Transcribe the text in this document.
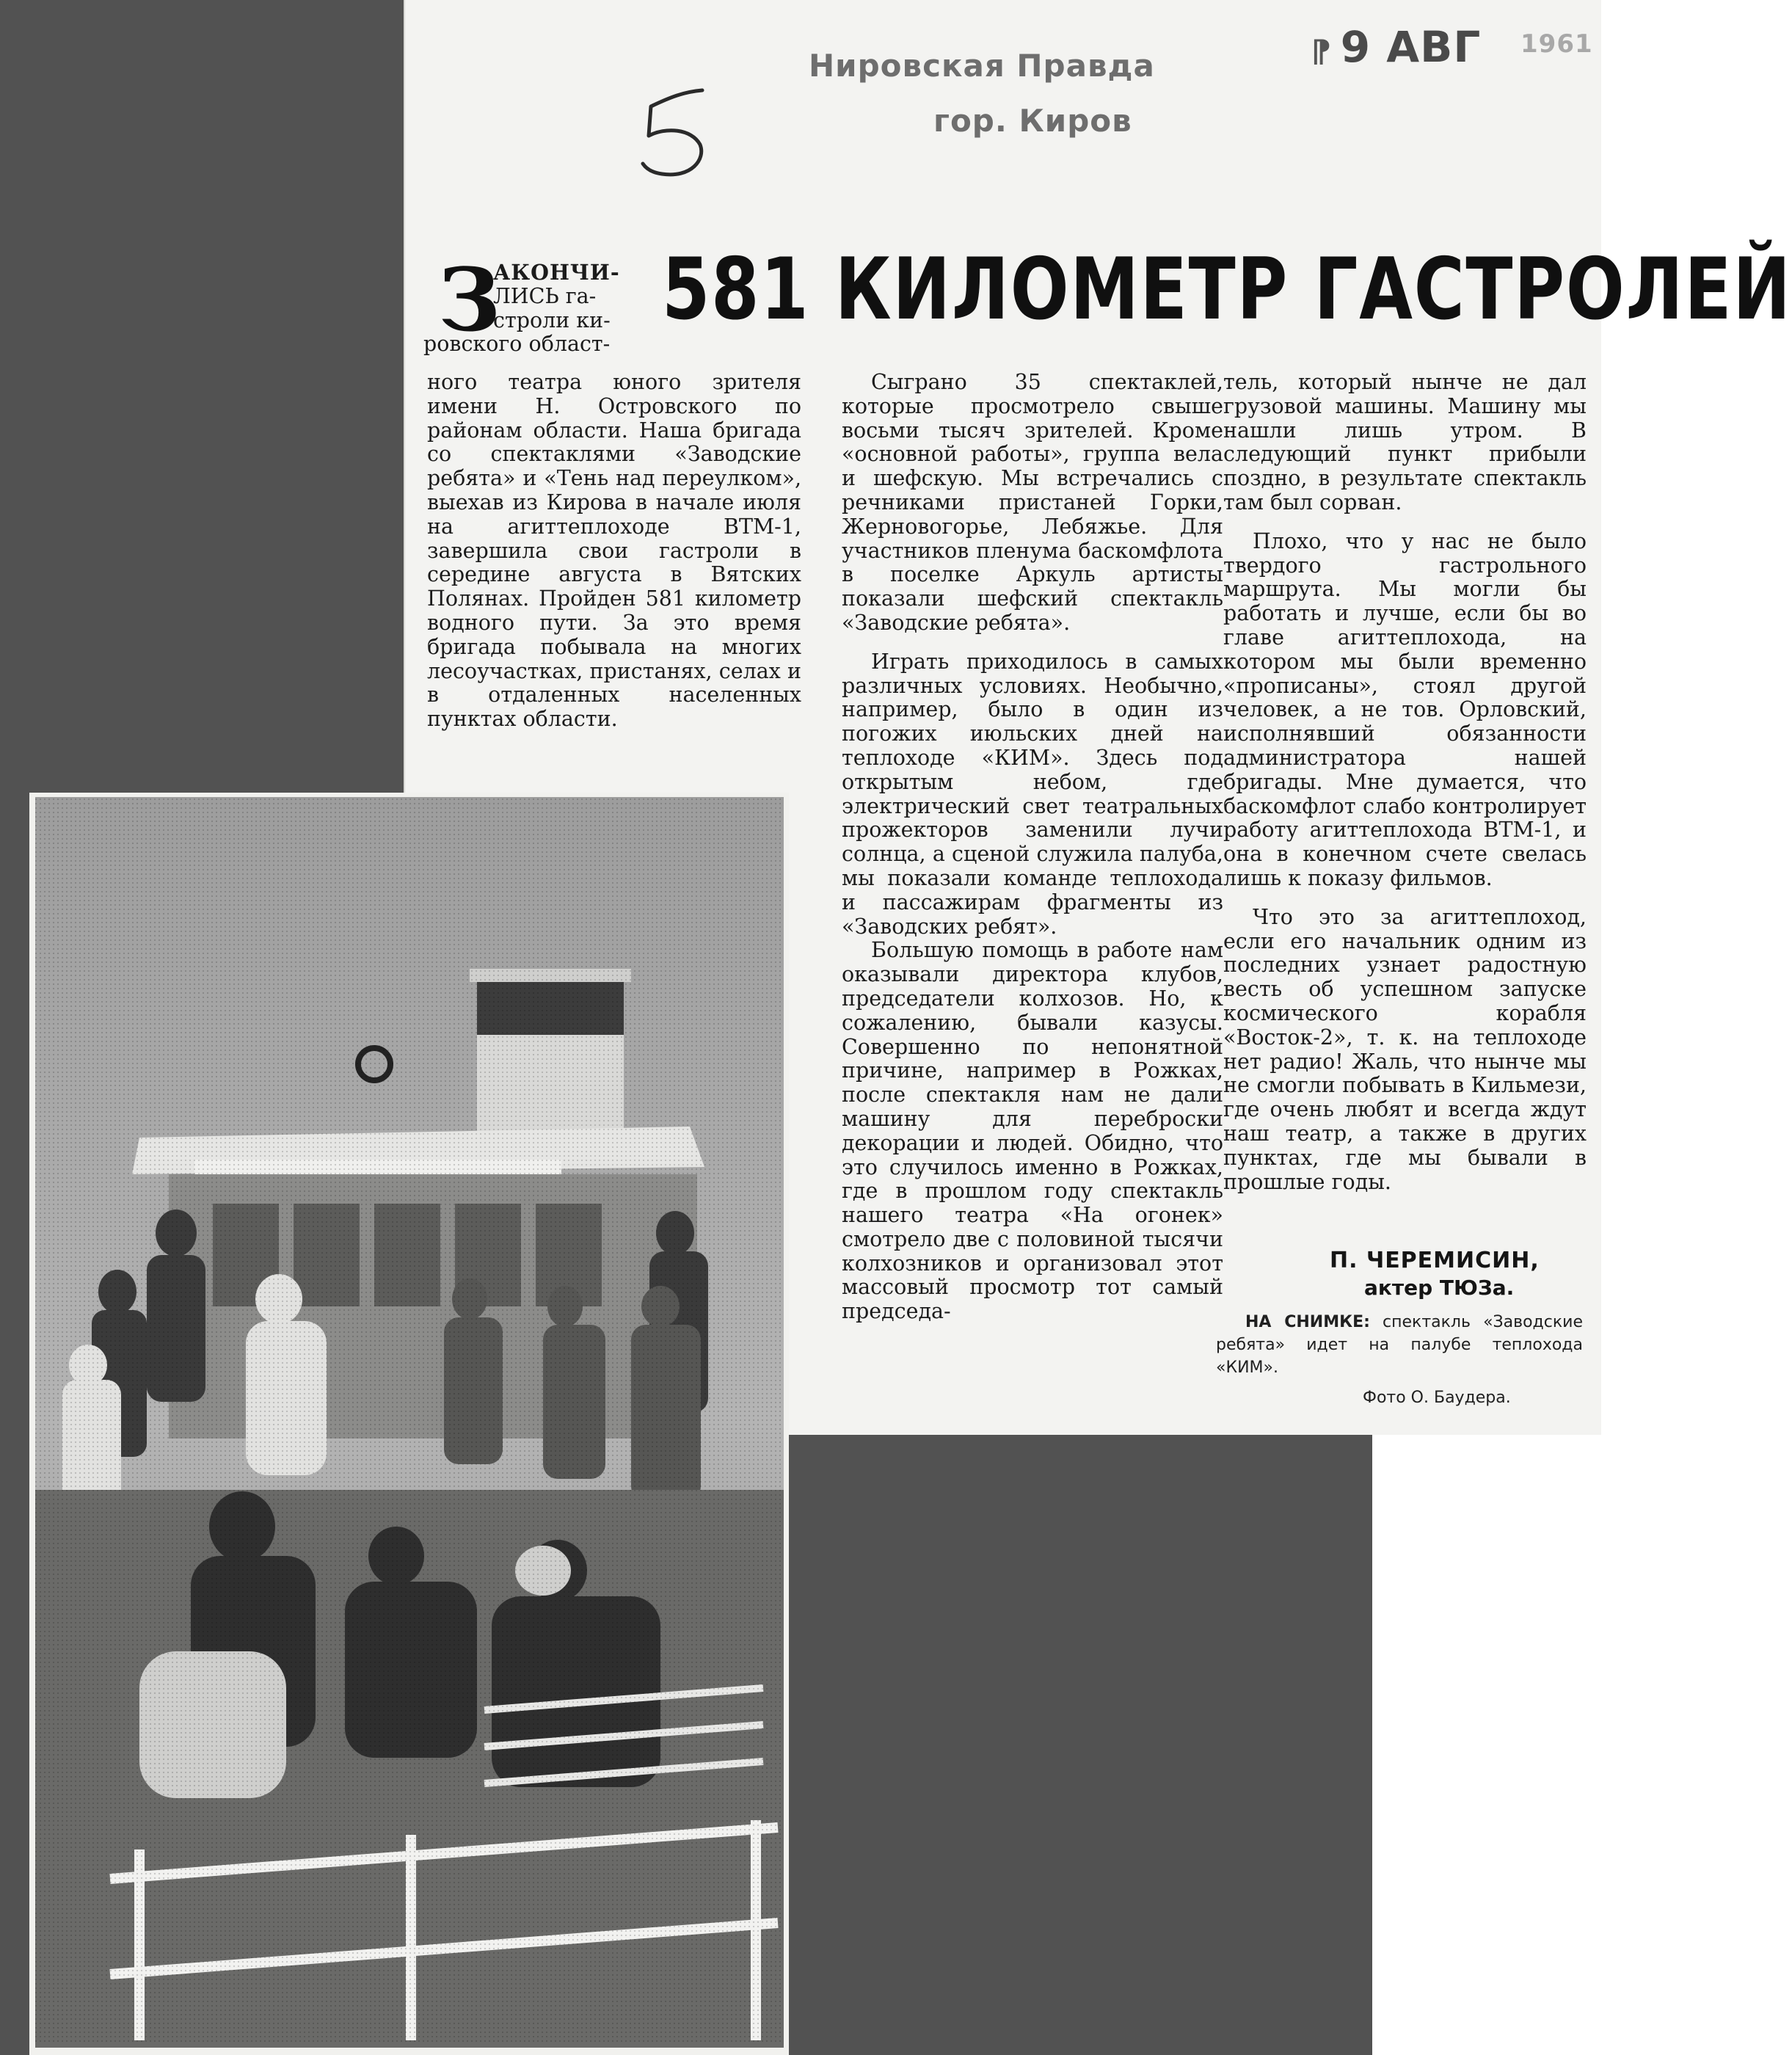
Нировская Правда
гор. Киров
⁋ 9 АВГ 1961
581 КИЛОМЕТР ГАСТРОЛЕЙ
З
АКОНЧИ-
ЛИСЬ га-
строли ки-
ровского област-

ного театра юного зрителя имени Н. Островского по районам области. Наша бригада со спектаклями «Заводские ребята» и «Тень над переулком», выехав из Кирова в начале июля на агиттеплоходе ВТМ-1, завершила свои гастроли в середине августа в Вятских Полянах. Пройден 581 километр водного пути. За это время бригада побывала на многих лесоучастках, пристанях, селах и в отдаленных населенных пунктах области.

Сыграно 35 спектаклей, которые просмотрело свыше восьми тысяч зрителей. Кроме «основной работы», группа вела и шефскую. Мы встречались с речниками пристаней Горки, Жерновогорье, Лебяжье. Для участников пленума баскомфлота в поселке Аркуль артисты показали шефский спектакль «Заводские ребята».

Играть приходилось в самых различных условиях. Необычно, например, было в один из погожих июльских дней на теплоходе «КИМ». Здесь под открытым небом, где электрический свет театральных прожекторов заменили лучи солнца, а сценой служила палуба, мы показали команде теплохода и пассажирам фрагменты из «Заводских ребят».

Большую помощь в работе нам оказывали директора клубов, председатели колхозов. Но, к сожалению, бывали казусы. Совершенно по непонятной причине, например в Рожках, после спектакля нам не дали машину для переброски декорации и людей. Обидно, что это случилось именно в Рожках, где в прошлом году спектакль нашего театра «На огонек» смотрело две с половиной тысячи колхозников и организовал этот массовый просмотр тот самый председа-

тель, который нынче не дал грузовой машины. Машину мы нашли лишь утром. В следующий пункт прибыли поздно, в результате спектакль там был сорван.

Плохо, что у нас не было твердого гастрольного маршрута. Мы могли бы работать и лучше, если бы во главе агиттеплохода, на котором мы были временно «прописаны», стоял другой человек, а не тов. Орловский, исполнявший обязанности администратора нашей бригады. Мне думается, что баскомфлот слабо контролирует работу агиттеплохода ВТМ-1, и она в конечном счете свелась лишь к показу фильмов.

Что это за агиттеплоход, если его начальник одним из последних узнает радостную весть об успешном запуске космического корабля «Восток-2», т. к. на теплоходе нет радио! Жаль, что нынче мы не смогли побывать в Кильмези, где очень любят и всегда ждут наш театр, а также в других пунктах, где мы бывали в прошлые годы.

П. ЧЕРЕМИСИН,
актер ТЮЗа.
НА СНИМКЕ: спектакль «Заводские ребята» идет на палубе теплохода «КИМ».
Фото О. Баудера.
